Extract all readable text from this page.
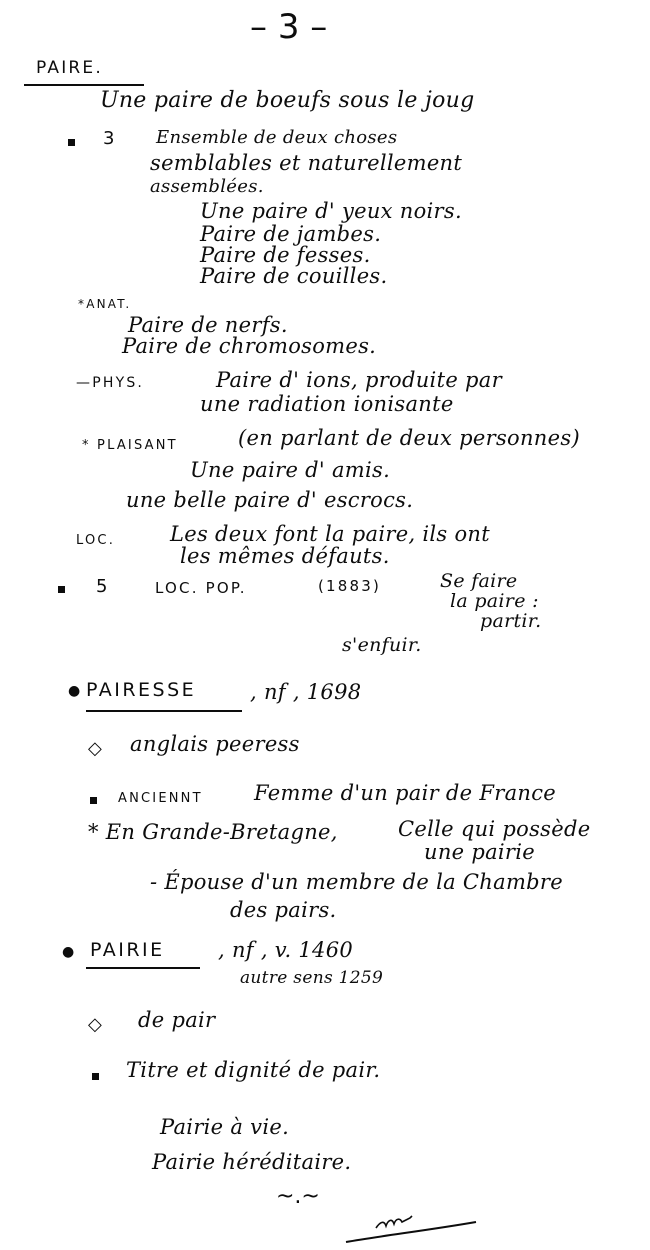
– 3 –
PAIRE.
Une paire de boeufs sous le joug
3 Ensemble de deux choses
semblables et naturellement
assemblées.
Une paire d' yeux noirs.
Paire de jambes.
Paire de fesses.
Paire de couilles.
*ANAT.
Paire de nerfs.
Paire de chromosomes.
—PHYS.	Paire d' ions, produite par
une radiation ionisante
* PLAISANT	(en parlant de deux personnes)
Une paire d' amis.
une belle paire d' escrocs.
LOC.	Les deux font la paire, ils ont
les mêmes défauts.
5	LOC. POP.	(1883)	Se faire
la paire :
partir.
s'enfuir.
● PAIRESSE	, nf , 1698
◇ anglais peeress
ANCIENNT Femme d'un pair de France
* En Grande-Bretagne,	Celle qui possède
une pairie
- Épouse d'un membre de la Chambre
des pairs.
● PAIRIE	, nf , v. 1460
autre sens 1259
◇ de pair
Titre et dignité de pair.
Pairie à vie.
Pairie héréditaire.
~.~
